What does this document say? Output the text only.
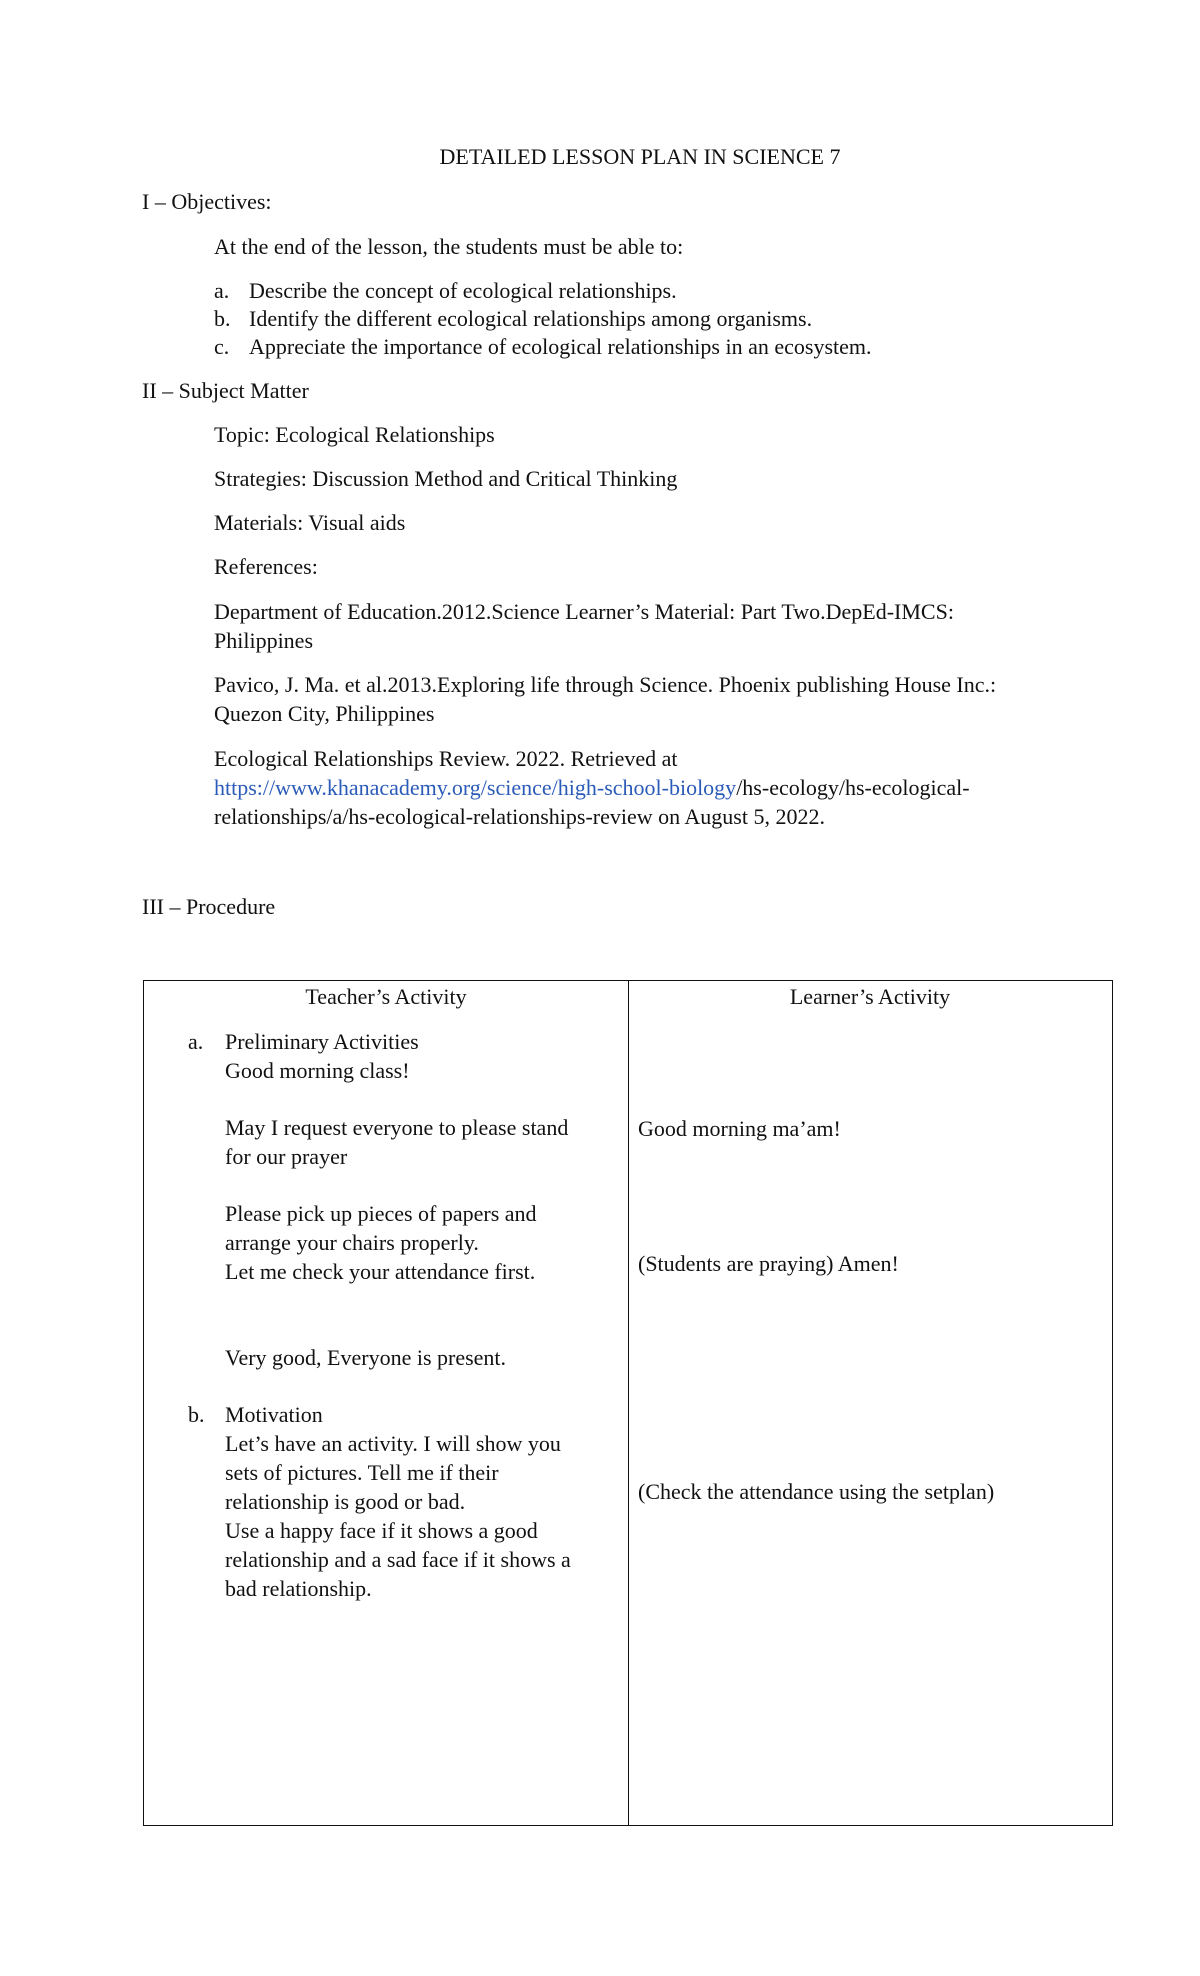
DETAILED LESSON PLAN IN SCIENCE 7
I – Objectives:
At the end of the lesson, the students must be able to:
a. Describe the concept of ecological relationships.
b. Identify the different ecological relationships among organisms.
c. Appreciate the importance of ecological relationships in an ecosystem.
II – Subject Matter
Topic: Ecological Relationships
Strategies: Discussion Method and Critical Thinking
Materials: Visual aids
References:
Department of Education.2012.Science Learner’s Material: Part Two.DepEd-IMCS:
Philippines
Pavico, J. Ma. et al.2013.Exploring life through Science. Phoenix publishing House Inc.:
Quezon City, Philippines
Ecological Relationships Review. 2022. Retrieved at
https://www.khanacademy.org/science/high-school-biology/hs-ecology/hs-ecological-
relationships/a/hs-ecological-relationships-review on August 5, 2022.
III – Procedure
Teacher’s Activity	Learner’s Activity
a. Preliminary Activities
Good morning class!
May I request everyone to please stand
for our prayer
Please pick up pieces of papers and
arrange your chairs properly.
Let me check your attendance first.
Very good, Everyone is present.
b. Motivation
Let’s have an activity. I will show you
sets of pictures. Tell me if their
relationship is good or bad.
Use a happy face if it shows a good
relationship and a sad face if it shows a
bad relationship.
Good morning ma’am!
(Students are praying) Amen!
(Check the attendance using the setplan)
